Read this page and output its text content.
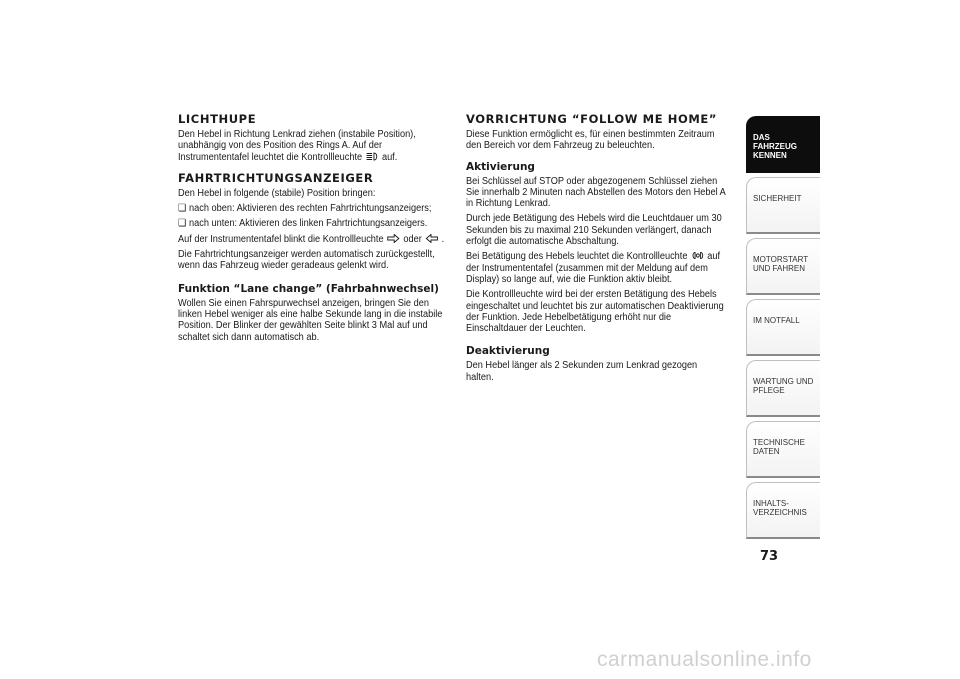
LICHTHUPE

Den Hebel in Richtung Lenkrad ziehen (instabile Position), unabhängig von des Position des Rings A. Auf der Instrumententafel leuchtet die Kontrollleuchte auf.

FAHRTRICHTUNGSANZEIGER

Den Hebel in folgende (stabile) Position bringen:

❏ nach oben: Aktivieren des rechten Fahrtrichtungsanzeigers;

❏ nach unten: Aktivieren des linken Fahrtrichtungsanzeigers.

Auf der Instrumententafel blinkt die Kontrollleuchte oder .

Die Fahrtrichtungsanzeiger werden automatisch zurückgestellt, wenn das Fahrzeug wieder geradeaus gelenkt wird.

Funktion “Lane change” (Fahrbahnwechsel)

Wollen Sie einen Fahrspurwechsel anzeigen, bringen Sie den linken Hebel weniger als eine halbe Sekunde lang in die instabile Position. Der Blinker der gewählten Seite blinkt 3 Mal auf und schaltet sich dann automatisch ab.

VORRICHTUNG “FOLLOW ME HOME”

Diese Funktion ermöglicht es, für einen bestimmten Zeitraum den Bereich vor dem Fahrzeug zu beleuchten.

Aktivierung

Bei Schlüssel auf STOP oder abgezogenem Schlüssel ziehen Sie innerhalb 2 Minuten nach Abstellen des Motors den Hebel A in Richtung Lenkrad.

Durch jede Betätigung des Hebels wird die Leuchtdauer um 30 Sekunden bis zu maximal 210 Sekunden verlängert, danach erfolgt die automatische Abschaltung.

Bei Betätigung des Hebels leuchtet die Kontrollleuchte auf der Instrumententafel (zusammen mit der Meldung auf dem Display) so lange auf, wie die Funktion aktiv bleibt.

Die Kontrollleuchte wird bei der ersten Betätigung des Hebels eingeschaltet und leuchtet bis zur automatischen Deaktivierung der Funktion. Jede Hebelbetätigung erhöht nur die Einschaltdauer der Leuchten.

Deaktivierung

Den Hebel länger als 2 Sekunden zum Lenkrad gezogen halten.

DAS FAHRZEUG KENNEN
SICHERHEIT
MOTORSTART UND FAHREN
IM NOTFALL
WARTUNG UND PFLEGE
TECHNISCHE DATEN
INHALTS-VERZEICHNIS
73
carmanualsonline.info
